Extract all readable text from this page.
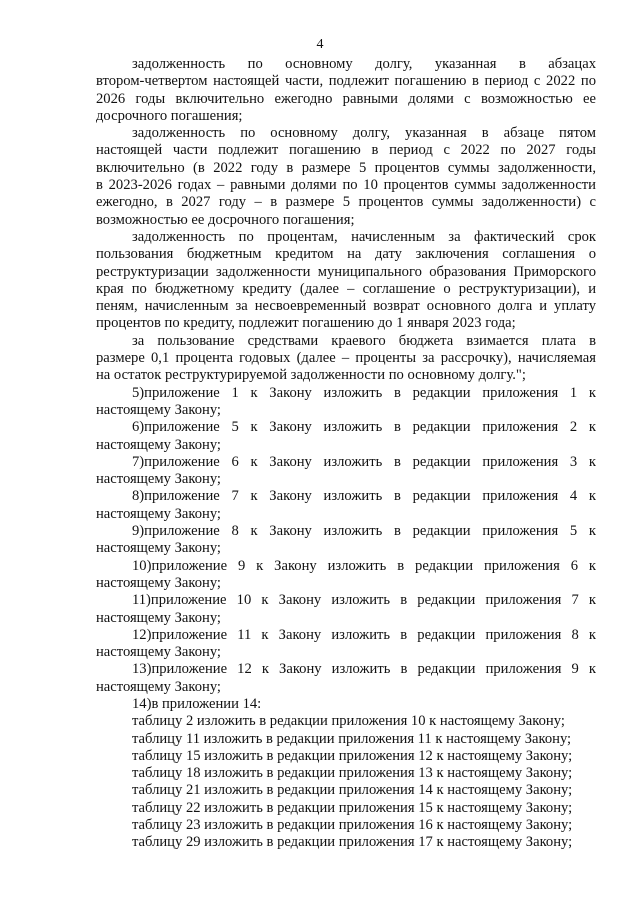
4
задолженность по основному долгу, указанная в абзацах
втором-четвертом настоящей части, подлежит погашению в период с 2022 по
2026 годы включительно ежегодно равными долями с возможностью ее
досрочного погашения;
задолженность по основному долгу, указанная в абзаце пятом
настоящей части подлежит погашению в период с 2022 по 2027 годы
включительно (в 2022 году в размере 5 процентов суммы задолженности,
в 2023-2026 годах – равными долями по 10 процентов суммы задолженности
ежегодно, в 2027 году – в размере 5 процентов суммы задолженности) с
возможностью ее досрочного погашения;
задолженность по процентам, начисленным за фактический срок
пользования бюджетным кредитом на дату заключения соглашения о
реструктуризации задолженности муниципального образования Приморского
края по бюджетному кредиту (далее – соглашение о реструктуризации), и
пеням, начисленным за несвоевременный возврат основного долга и уплату
процентов по кредиту, подлежит погашению до 1 января 2023 года;
за пользование средствами краевого бюджета взимается плата в
размере 0,1 процента годовых (далее – проценты за рассрочку), начисляемая
на остаток реструктурируемой задолженности по основному долгу.";
5)приложение 1 к Закону изложить в редакции приложения 1 к
настоящему Закону;
6)приложение 5 к Закону изложить в редакции приложения 2 к
настоящему Закону;
7)приложение 6 к Закону изложить в редакции приложения 3 к
настоящему Закону;
8)приложение 7 к Закону изложить в редакции приложения 4 к
настоящему Закону;
9)приложение 8 к Закону изложить в редакции приложения 5 к
настоящему Закону;
10)приложение 9 к Закону изложить в редакции приложения 6 к
настоящему Закону;
11)приложение 10 к Закону изложить в редакции приложения 7 к
настоящему Закону;
12)приложение 11 к Закону изложить в редакции приложения 8 к
настоящему Закону;
13)приложение 12 к Закону изложить в редакции приложения 9 к
настоящему Закону;
14)в приложении 14:
таблицу 2 изложить в редакции приложения 10 к настоящему Закону;
таблицу 11 изложить в редакции приложения 11 к настоящему Закону;
таблицу 15 изложить в редакции приложения 12 к настоящему Закону;
таблицу 18 изложить в редакции приложения 13 к настоящему Закону;
таблицу 21 изложить в редакции приложения 14 к настоящему Закону;
таблицу 22 изложить в редакции приложения 15 к настоящему Закону;
таблицу 23 изложить в редакции приложения 16 к настоящему Закону;
таблицу 29 изложить в редакции приложения 17 к настоящему Закону;
